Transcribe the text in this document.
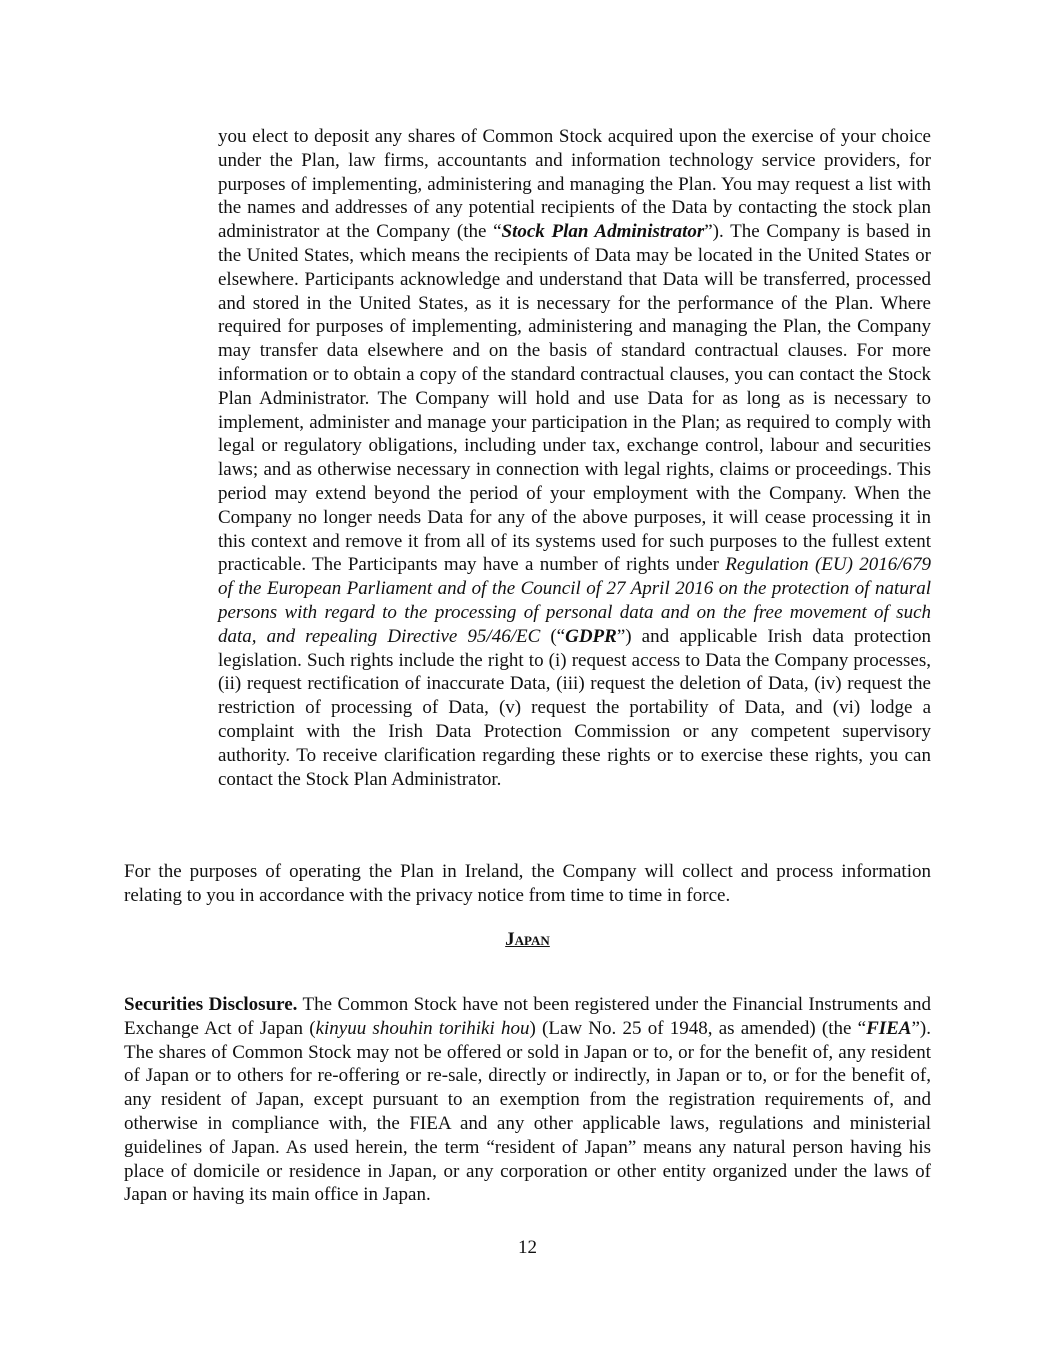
you elect to deposit any shares of Common Stock acquired upon the exercise of your choice under the Plan, law firms, accountants and information technology service providers, for purposes of implementing, administering and managing the Plan. You may request a list with the names and addresses of any potential recipients of the Data by contacting the stock plan administrator at the Company (the “Stock Plan Administrator”). The Company is based in the United States, which means the recipients of Data may be located in the United States or elsewhere. Participants acknowledge and understand that Data will be transferred, processed and stored in the United States, as it is necessary for the performance of the Plan. Where required for purposes of implementing, administering and managing the Plan, the Company may transfer data elsewhere and on the basis of standard contractual clauses. For more information or to obtain a copy of the standard contractual clauses, you can contact the Stock Plan Administrator. The Company will hold and use Data for as long as is necessary to implement, administer and manage your participation in the Plan; as required to comply with legal or regulatory obligations, including under tax, exchange control, labour and securities laws; and as otherwise necessary in connection with legal rights, claims or proceedings. This period may extend beyond the period of your employment with the Company. When the Company no longer needs Data for any of the above purposes, it will cease processing it in this context and remove it from all of its systems used for such purposes to the fullest extent practicable. The Participants may have a number of rights under Regulation (EU) 2016/679 of the European Parliament and of the Council of 27 April 2016 on the protection of natural persons with regard to the processing of personal data and on the free movement of such data, and repealing Directive 95/46/EC (“GDPR”) and applicable Irish data protection legislation. Such rights include the right to (i) request access to Data the Company processes, (ii) request rectification of inaccurate Data, (iii) request the deletion of Data, (iv) request the restriction of processing of Data, (v) request the portability of Data, and (vi) lodge a complaint with the Irish Data Protection Commission or any competent supervisory authority. To receive clarification regarding these rights or to exercise these rights, you can contact the Stock Plan Administrator.

For the purposes of operating the Plan in Ireland, the Company will collect and process information relating to you in accordance with the privacy notice from time to time in force.

Japan

Securities Disclosure. The Common Stock have not been registered under the Financial Instruments and Exchange Act of Japan (kinyuu shouhin torihiki hou) (Law No. 25 of 1948, as amended) (the “FIEA”). The shares of Common Stock may not be offered or sold in Japan or to, or for the benefit of, any resident of Japan or to others for re-offering or re-sale, directly or indirectly, in Japan or to, or for the benefit of, any resident of Japan, except pursuant to an exemption from the registration requirements of, and otherwise in compliance with, the FIEA and any other applicable laws, regulations and ministerial guidelines of Japan. As used herein, the term “resident of Japan” means any natural person having his place of domicile or residence in Japan, or any corporation or other entity organized under the laws of Japan or having its main office in Japan.

12
